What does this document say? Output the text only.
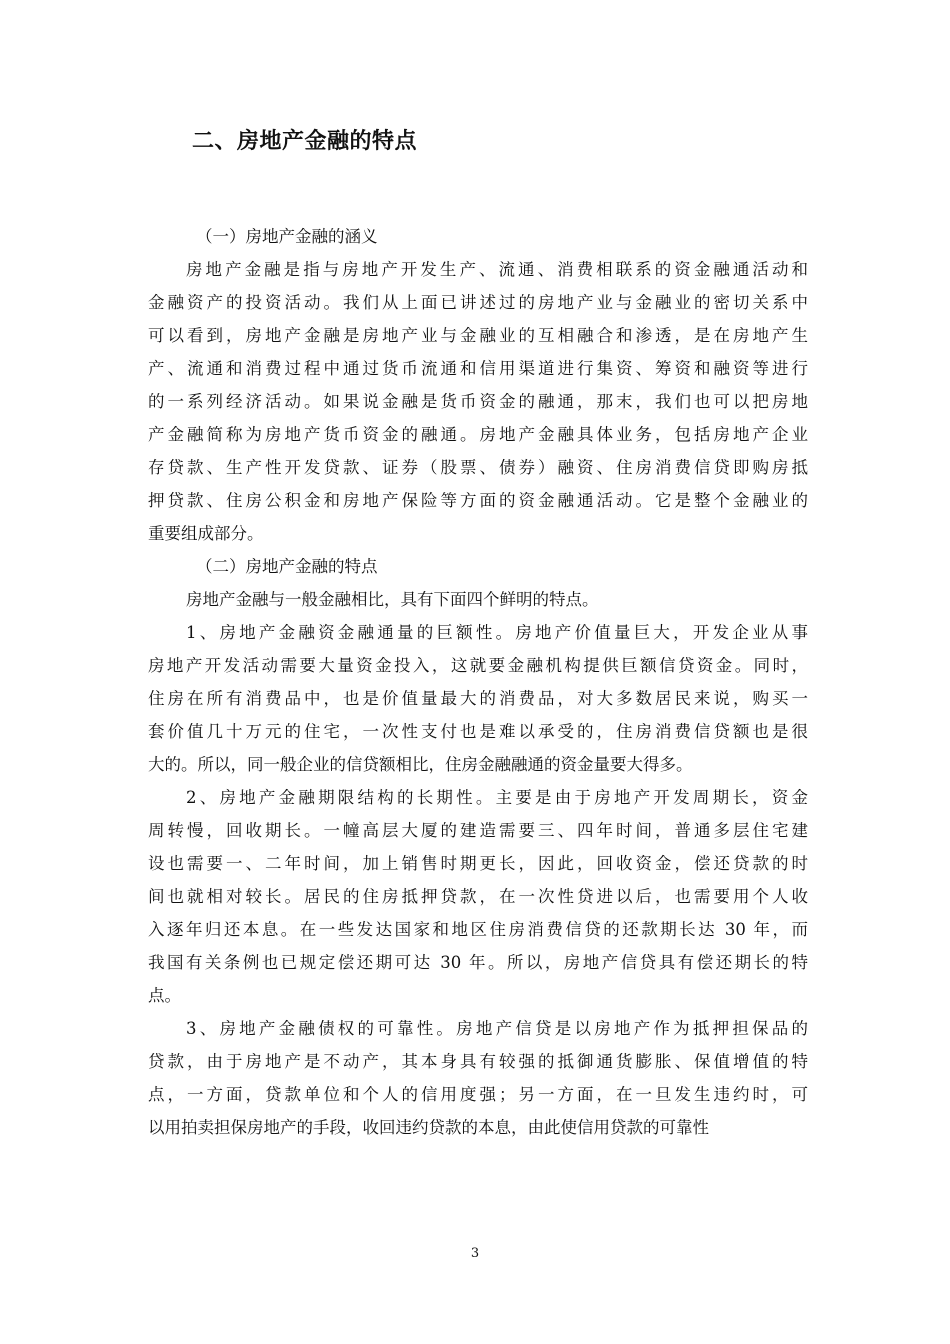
二、房地产金融的特点
（一）房地产金融的涵义
房地产金融是指与房地产开发生产、流通、消费相联系的资金融通活动和
金融资产的投资活动。我们从上面已讲述过的房地产业与金融业的密切关系中
可以看到，房地产金融是房地产业与金融业的互相融合和渗透，是在房地产生
产、流通和消费过程中通过货币流通和信用渠道进行集资、筹资和融资等进行
的一系列经济活动。如果说金融是货币资金的融通，那末，我们也可以把房地
产金融简称为房地产货币资金的融通。房地产金融具体业务，包括房地产企业
存贷款、生产性开发贷款、证券（股票、债券）融资、住房消费信贷即购房抵
押贷款、住房公积金和房地产保险等方面的资金融通活动。它是整个金融业的
重要组成部分。
（二）房地产金融的特点
房地产金融与一般金融相比，具有下面四个鲜明的特点。
1、房地产金融资金融通量的巨额性。房地产价值量巨大，开发企业从事
房地产开发活动需要大量资金投入，这就要金融机构提供巨额信贷资金。同时，
住房在所有消费品中，也是价值量最大的消费品，对大多数居民来说，购买一
套价值几十万元的住宅，一次性支付也是难以承受的，住房消费信贷额也是很
大的。所以，同一般企业的信贷额相比，住房金融融通的资金量要大得多。
2、房地产金融期限结构的长期性。主要是由于房地产开发周期长，资金
周转慢，回收期长。一幢高层大厦的建造需要三、四年时间，普通多层住宅建
设也需要一、二年时间，加上销售时期更长，因此，回收资金，偿还贷款的时
间也就相对较长。居民的住房抵押贷款，在一次性贷进以后，也需要用个人收
入逐年归还本息。在一些发达国家和地区住房消费信贷的还款期长达 30 年，而
我国有关条例也已规定偿还期可达 30 年。所以，房地产信贷具有偿还期长的特
点。
3、房地产金融债权的可靠性。房地产信贷是以房地产作为抵押担保品的
贷款，由于房地产是不动产，其本身具有较强的抵御通货膨胀、保值增值的特
点，一方面，贷款单位和个人的信用度强；另一方面，在一旦发生违约时，可
以用拍卖担保房地产的手段，收回违约贷款的本息，由此使信用贷款的可靠性
3
